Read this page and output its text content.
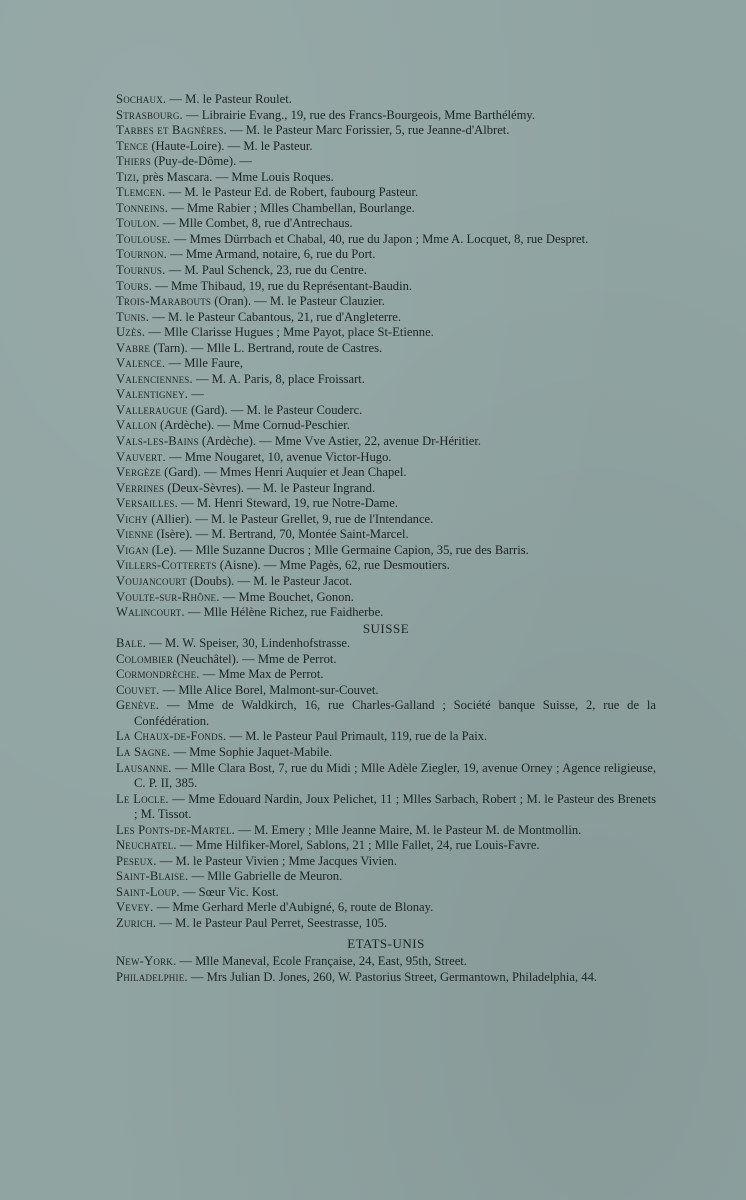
Sochaux. — M. le Pasteur Roulet.

Strasbourg. — Librairie Evang., 19, rue des Francs-Bourgeois, Mme Barthélémy.

Tarbes et Bagnères. — M. le Pasteur Marc Forissier, 5, rue Jeanne-d'Albret.

Tence (Haute-Loire). — M. le Pasteur.

Thiers (Puy-de-Dôme). —

Tizi, près Mascara. — Mme Louis Roques.

Tlemcen. — M. le Pasteur Ed. de Robert, faubourg Pasteur.

Tonneins. — Mme Rabier ; Mlles Chambellan, Bourlange.

Toulon. — Mlle Combet, 8, rue d'Antrechaus.

Toulouse. — Mmes Dürrbach et Chabal, 40, rue du Japon ; Mme A. Locquet, 8, rue Despret.

Tournon. — Mme Armand, notaire, 6, rue du Port.

Tournus. — M. Paul Schenck, 23, rue du Centre.

Tours. — Mme Thibaud, 19, rue du Représentant-Baudin.

Trois-Marabouts (Oran). — M. le Pasteur Clauzier.

Tunis. — M. le Pasteur Cabantous, 21, rue d'Angleterre.

Uzès. — Mlle Clarisse Hugues ; Mme Payot, place St-Etienne.

Vabre (Tarn). — Mlle L. Bertrand, route de Castres.

Valence. — Mlle Faure,

Valenciennes. — M. A. Paris, 8, place Froissart.

Valentigney. —

Valleraugue (Gard). — M. le Pasteur Couderc.

Vallon (Ardèche). — Mme Cornud-Peschier.

Vals-les-Bains (Ardèche). — Mme Vve Astier, 22, avenue Dr-Héritier.

Vauvert. — Mme Nougaret, 10, avenue Victor-Hugo.

Vergèze (Gard). — Mmes Henri Auquier et Jean Chapel.

Verrines (Deux-Sèvres). — M. le Pasteur Ingrand.

Versailles. — M. Henri Steward, 19, rue Notre-Dame.

Vichy (Allier). — M. le Pasteur Grellet, 9, rue de l'Intendance.

Vienne (Isère). — M. Bertrand, 70, Montée Saint-Marcel.

Vigan (Le). — Mlle Suzanne Ducros ; Mlle Germaine Capion, 35, rue des Barris.

Villers-Cotterets (Aisne). — Mme Pagès, 62, rue Desmoutiers.

Voujancourt (Doubs). — M. le Pasteur Jacot.

Voulte-sur-Rhône. — Mme Bouchet, Gonon.

Walincourt. — Mlle Hélène Richez, rue Faidherbe.

SUISSE

Bale. — M. W. Speiser, 30, Lindenhofstrasse.

Colombier (Neuchâtel). — Mme de Perrot.

Cormondrèche. — Mme Max de Perrot.

Couvet. — Mlle Alice Borel, Malmont-sur-Couvet.

Genève. — Mme de Waldkirch, 16, rue Charles-Galland ; Société banque Suisse, 2, rue de la Confédération.

La Chaux-de-Fonds. — M. le Pasteur Paul Primault, 119, rue de la Paix.

La Sagne. — Mme Sophie Jaquet-Mabile.

Lausanne. — Mlle Clara Bost, 7, rue du Midi ; Mlle Adèle Ziegler, 19, avenue Orney ; Agence religieuse, C. P. II, 385.

Le Locle. — Mme Edouard Nardin, Joux Pelichet, 11 ; Mlles Sarbach, Robert ; M. le Pasteur des Brenets ; M. Tissot.

Les Ponts-de-Martel. — M. Emery ; Mlle Jeanne Maire, M. le Pasteur M. de Montmollin.

Neuchatel. — Mme Hilfiker-Morel, Sablons, 21 ; Mlle Fallet, 24, rue Louis-Favre.

Peseux. — M. le Pasteur Vivien ; Mme Jacques Vivien.

Saint-Blaise. — Mlle Gabrielle de Meuron.

Saint-Loup. — Sœur Vic. Kost.

Vevey. — Mme Gerhard Merle d'Aubigné, 6, route de Blonay.

Zurich. — M. le Pasteur Paul Perret, Seestrasse, 105.

ETATS-UNIS

New-York. — Mlle Maneval, Ecole Française, 24, East, 95th, Street.

Philadelphie. — Mrs Julian D. Jones, 260, W. Pastorius Street, Germantown, Philadelphia, 44.
